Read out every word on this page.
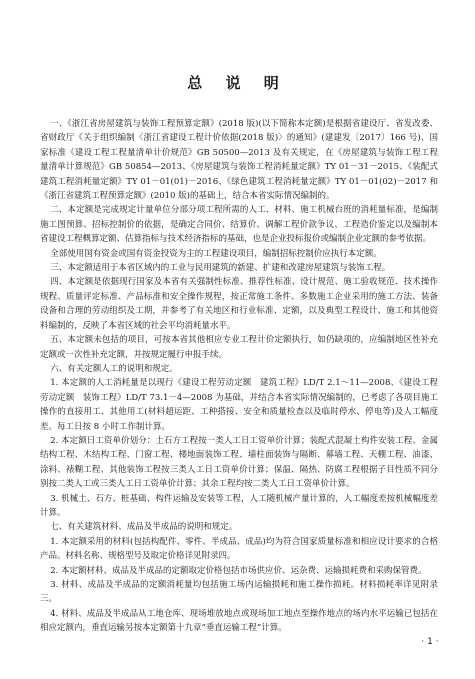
总 说 明

一、《浙江省房屋建筑与装饰工程预算定额》(2018 版)(以下简称本定额)是根据省建设厅、省发改委、省财政厅《关于组织编制〈浙江省建设工程计价依据(2018 版)〉的通知》(建建发〔2017〕166 号)、国家标准《建设工程工程量清单计价规范》GB 50500—2013 及有关规定，在《房屋建筑与装饰工程工程量清单计算规范》GB 50854—2013、《房屋建筑与装饰工程消耗量定额》TY 01－31－2015、《装配式建筑工程消耗量定额》TY 01－01(01)－2016、《绿色建筑工程消耗量定额》TY 01－01(02)－2017 和《浙江省建筑工程预算定额》(2010 版)的基础上，结合本省实际情况编制的。

二、本定额是完成规定计量单位分部分项工程所需的人工、材料、施工机械台班的消耗量标准，是编制施工图预算、招标控制价的依据，是确定合同价、结算价、调解工程价款争议、工程造价鉴定以及编制本省建设工程概算定额、估算指标与技术经济指标的基础，也是企业投标报价或编制企业定额的参考依据。

全部使用国有资金或国有资金投资为主的工程建设项目，编制招标控制价应执行本定额。

三、本定额适用于本省区域内的工业与民用建筑的新建、扩建和改建房屋建筑与装饰工程。

四、本定额是依据现行国家及本省有关强制性标准、推荐性标准、设计规范、施工验收规范、技术操作规程、质量评定标准、产品标准和安全操作规程，按正常施工条件、多数施工企业采用的施工方法、装备设备和合理的劳动组织及工期，并参考了有关地区和行业标准、定额，以及典型工程设计、施工和其他资料编制的，反映了本省区域的社会平均消耗量水平。

五、本定额未包括的项目，可按本省其他相应专业工程计价定额执行，如仍缺项的，应编制地区性补充定额或一次性补充定额，并按规定履行申报手续。

六、有关定额人工的说明和规定。

1. 本定额的人工消耗量是以现行《建设工程劳动定额　建筑工程》LD/T 2.1～11—2008、《建设工程劳动定额　装饰工程》LD/T 73.1－4—2008 为基础，并结合本省实际情况编制的，已考虑了各项目施工操作的直接用工、其他用工(材料超运距、工种搭接、安全和质量检查以及临时停水、停电等)及人工幅度差。每工日按 8 小时工作制计算。

2. 本定额日工资单价划分：土石方工程按一类人工日工资单价计算；装配式混凝土构件安装工程、金属结构工程、木结构工程、门窗工程、楼地面装饰工程、墙柱面装饰与隔断、幕墙工程、天棚工程、油漆、涂料、裱糊工程、其他装饰工程按三类人工日工资单价计算；保温、隔热、防腐工程根据子目性质不同分别按二类人工或三类人工日工资单价计算；其余工程均按二类人工日工资单价计算。

3. 机械土、石方、桩基础、构件运输及安装等工程，人工随机械产量计算的，人工幅度差按机械幅度差计算。

七、有关建筑材料、成品及半成品的说明和规定。

1. 本定额采用的材料(包括构配件、零件、半成品、成品)均为符合国家质量标准和相应设计要求的合格产品。材料名称、规格型号及取定价格详见附录四。

2. 本定额材料、成品及半成品的定额取定价格包括市场供应价、运杂费、运输损耗费和采购保管费。

3. 材料、成品及半成品的定额消耗量均包括施工场内运输损耗和施工操作损耗。材料损耗率详见附录三。

4. 材料、成品及半成品从工地仓库、现场堆放地点或现场加工地点至操作地点的场内水平运输已包括在相应定额内，垂直运输另按本定额第十九章“垂直运输工程”计算。

· 1 ·
